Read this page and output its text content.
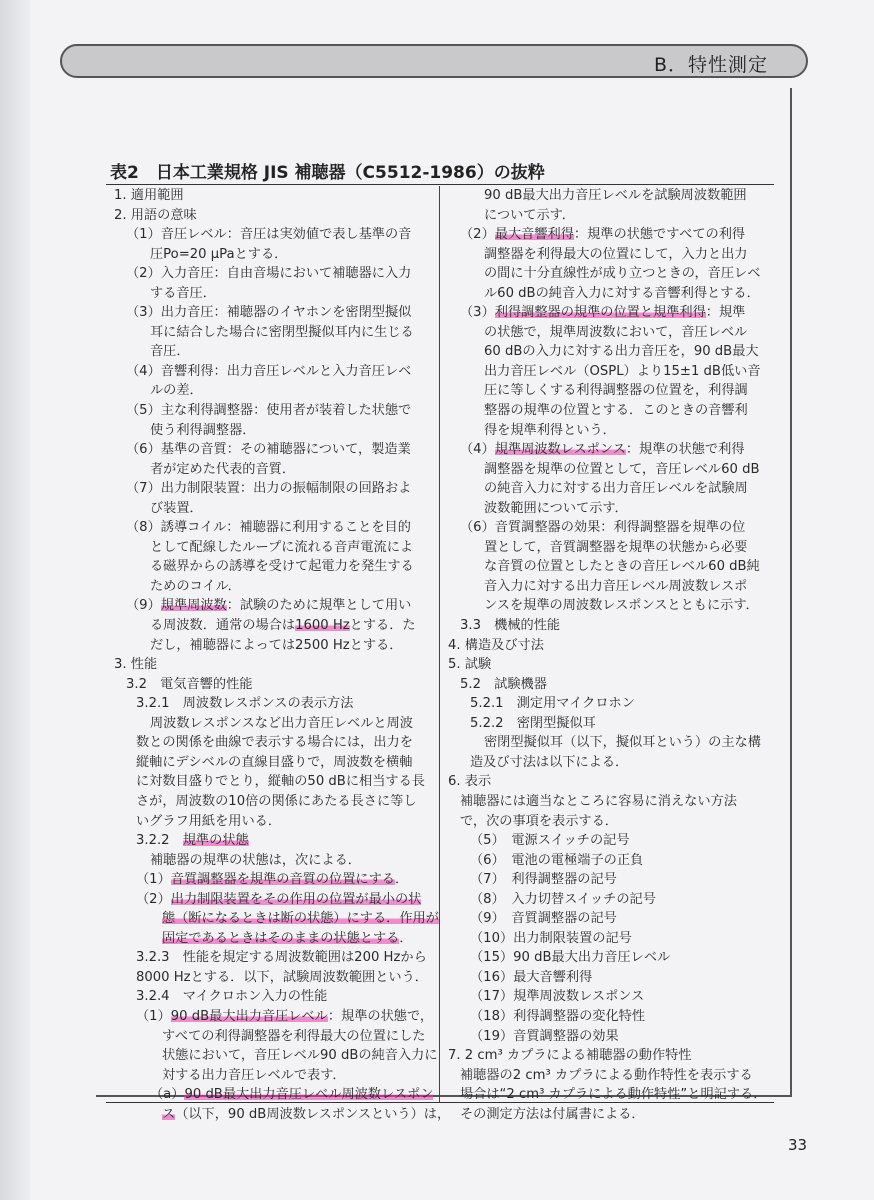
B．特性測定
表2　日本工業規格 JIS 補聴器（C5512-1986）の抜粋
1. 適用範囲
2. 用語の意味
（1）音圧レベル：音圧は実効値で表し基準の音
圧Po=20 μPaとする．
（2）入力音圧：自由音場において補聴器に入力
する音圧．
（3）出力音圧：補聴器のイヤホンを密閉型擬似
耳に結合した場合に密閉型擬似耳内に生じる
音圧．
（4）音響利得：出力音圧レベルと入力音圧レベ
ルの差．
（5）主な利得調整器：使用者が装着した状態で
使う利得調整器．
（6）基準の音質：その補聴器について，製造業
者が定めた代表的音質．
（7）出力制限装置：出力の振幅制限の回路およ
び装置．
（8）誘導コイル：補聴器に利用することを目的
として配線したループに流れる音声電流によ
る磁界からの誘導を受けて起電力を発生する
ためのコイル．
（9）規準周波数：試験のために規準として用い
る周波数．通常の場合は1600 Hzとする．た
だし，補聴器によっては2500 Hzとする．
3. 性能
3.2　電気音響的性能
3.2.1　周波数レスポンスの表示方法
周波数レスポンスなど出力音圧レベルと周波
数との関係を曲線で表示する場合には，出力を
縦軸にデシベルの直線目盛りで，周波数を横軸
に対数目盛りでとり，縦軸の50 dBに相当する長
さが，周波数の10倍の関係にあたる長さに等し
いグラフ用紙を用いる．
3.2.2　規準の状態
補聴器の規準の状態は，次による．
（1）音質調整器を規準の音質の位置にする．
（2）出力制限装置をその作用の位置が最小の状
態（断になるときは断の状態）にする．作用が
固定であるときはそのままの状態とする．
3.2.3　性能を規定する周波数範囲は200 Hzから
8000 Hzとする．以下，試験周波数範囲という．
3.2.4　マイクロホン入力の性能
（1）90 dB最大出力音圧レベル：規準の状態で，
すべての利得調整器を利得最大の位置にした
状態において，音圧レベル90 dBの純音入力に
対する出力音圧レベルで表す．
（a）90 dB最大出力音圧レベル周波数レスポン
ス（以下，90 dB周波数レスポンスという）は，
90 dB最大出力音圧レベルを試験周波数範囲
について示す．
（2）最大音響利得：規準の状態ですべての利得
調整器を利得最大の位置にして，入力と出力
の間に十分直線性が成り立つときの，音圧レベ
ル60 dBの純音入力に対する音響利得とする．
（3）利得調整器の規準の位置と規準利得：規準
の状態で，規準周波数において，音圧レベル
60 dBの入力に対する出力音圧を，90 dB最大
出力音圧レベル（OSPL）より15±1 dB低い音
圧に等しくする利得調整器の位置を，利得調
整器の規準の位置とする．このときの音響利
得を規準利得という．
（4）規準周波数レスポンス：規準の状態で利得
調整器を規準の位置として，音圧レベル60 dB
の純音入力に対する出力音圧レベルを試験周
波数範囲について示す．
（6）音質調整器の効果：利得調整器を規準の位
置として，音質調整器を規準の状態から必要
な音質の位置としたときの音圧レベル60 dB純
音入力に対する出力音圧レベル周波数レスポ
ンスを規準の周波数レスポンスとともに示す．
3.3　機械的性能
4. 構造及び寸法
5. 試験
5.2　試験機器
5.2.1　測定用マイクロホン
5.2.2　密閉型擬似耳
密閉型擬似耳（以下，擬似耳という）の主な構
造及び寸法は以下による．
6. 表示
補聴器には適当なところに容易に消えない方法
で，次の事項を表示する．
（5）　電源スイッチの記号
（6）　電池の電極端子の正負
（7）　利得調整器の記号
（8）　入力切替スイッチの記号
（9）　音質調整器の記号
（10）出力制限装置の記号
（15）90 dB最大出力音圧レベル
（16）最大音響利得
（17）規準周波数レスポンス
（18）利得調整器の変化特性
（19）音質調整器の効果
7. 2 cm³ カプラによる補聴器の動作特性
補聴器の2 cm³ カプラによる動作特性を表示する
場合は“2 cm³ カプラによる動作特性”と明記する．
その測定方法は付属書による．
33
